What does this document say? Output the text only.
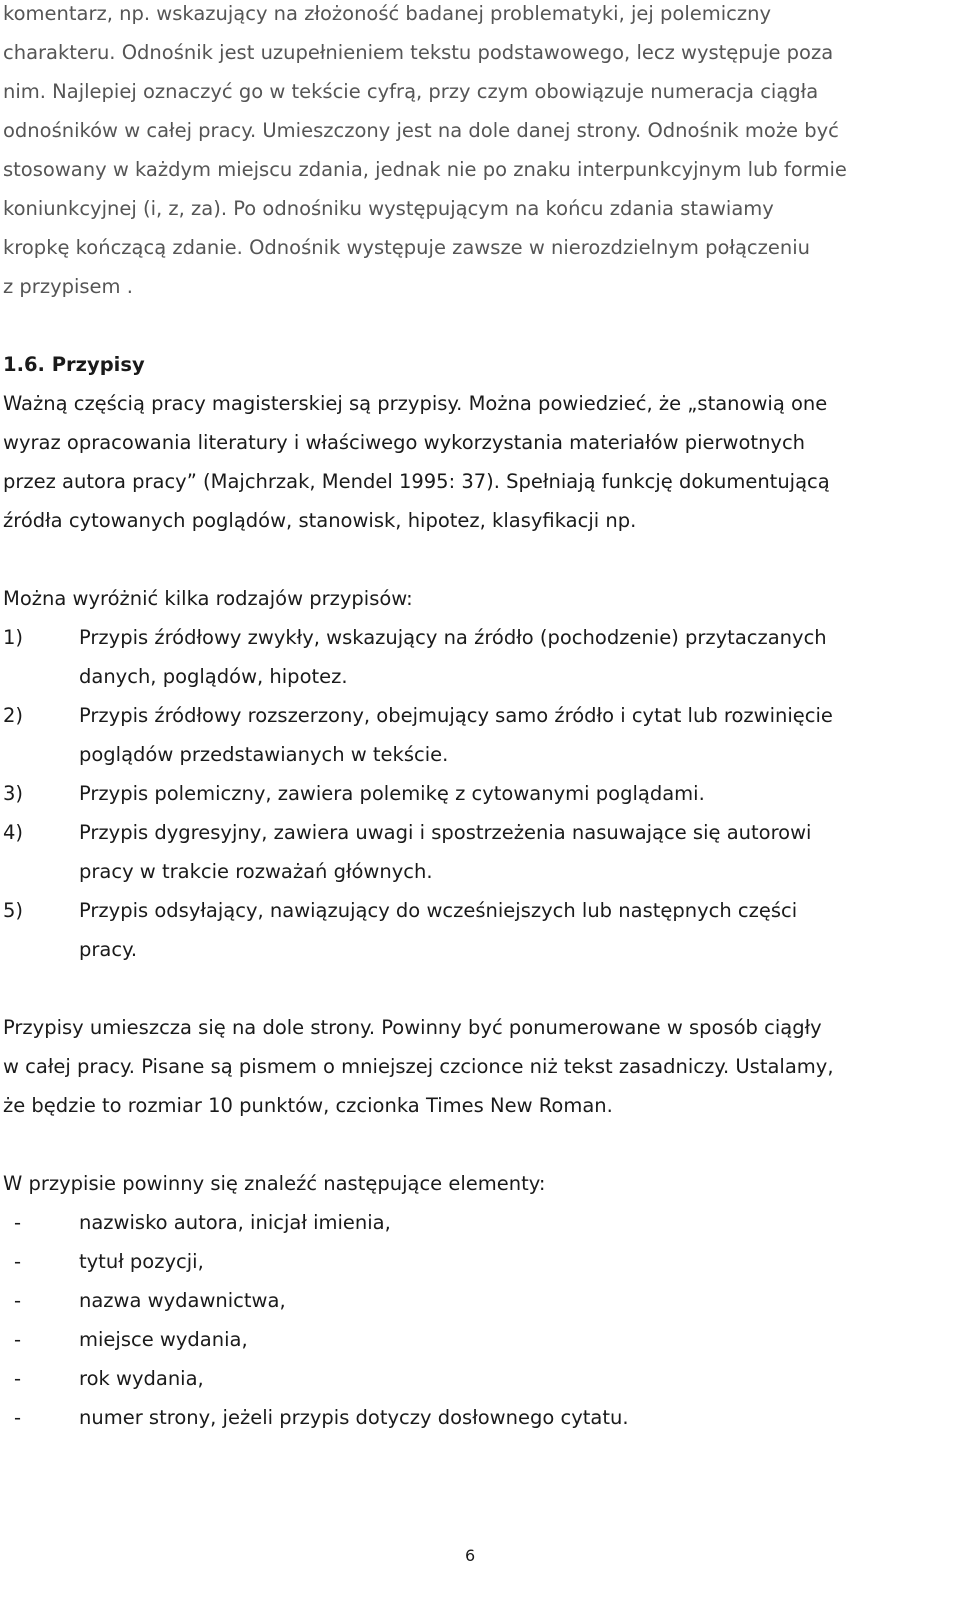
komentarz, np. wskazujący na złożoność badanej problematyki, jej polemiczny
charakteru. Odnośnik jest uzupełnieniem tekstu podstawowego, lecz występuje poza
nim. Najlepiej oznaczyć go w tekście cyfrą, przy czym obowiązuje numeracja ciągła
odnośników w całej pracy. Umieszczony jest na dole danej strony. Odnośnik może być
stosowany w każdym miejscu zdania, jednak nie po znaku interpunkcyjnym lub formie
koniunkcyjnej (i, z, za). Po odnośniku występującym na końcu zdania stawiamy
kropkę kończącą zdanie. Odnośnik występuje zawsze w nierozdzielnym połączeniu
z przypisem .
1.6. Przypisy
Ważną częścią pracy magisterskiej są przypisy. Można powiedzieć, że „stanowią one
wyraz opracowania literatury i właściwego wykorzystania materiałów pierwotnych
przez autora pracy” (Majchrzak, Mendel 1995: 37). Spełniają funkcję dokumentującą
źródła cytowanych poglądów, stanowisk, hipotez, klasyfikacji np.
Można wyróżnić kilka rodzajów przypisów:
1)	Przypis źródłowy zwykły, wskazujący na źródło (pochodzenie) przytaczanych
danych, poglądów, hipotez.
2)	Przypis źródłowy rozszerzony, obejmujący samo źródło i cytat lub rozwinięcie
poglądów przedstawianych w tekście.
3)	Przypis polemiczny, zawiera polemikę z cytowanymi poglądami.
4)	Przypis dygresyjny, zawiera uwagi i spostrzeżenia nasuwające się autorowi
pracy w trakcie rozważań głównych.
5)	Przypis odsyłający, nawiązujący do wcześniejszych lub następnych części
pracy.
Przypisy umieszcza się na dole strony. Powinny być ponumerowane w sposób ciągły
w całej pracy. Pisane są pismem o mniejszej czcionce niż tekst zasadniczy. Ustalamy,
że będzie to rozmiar 10 punktów, czcionka Times New Roman.
W przypisie powinny się znaleźć następujące elementy:
-	nazwisko autora, inicjał imienia,
-	tytuł pozycji,
-	nazwa wydawnictwa,
-	miejsce wydania,
-	rok wydania,
-	numer strony, jeżeli przypis dotyczy dosłownego cytatu.
6
